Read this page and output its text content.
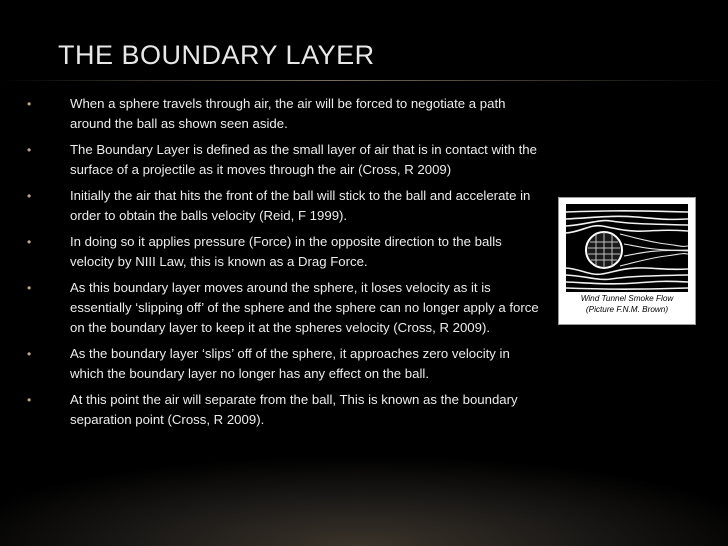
THE BOUNDARY LAYER
•	When a sphere travels through air, the air will be forced to negotiate a path around the ball as shown seen aside.
•	The Boundary Layer is defined as the small layer of air that is in contact with the surface of a projectile as it moves through the air (Cross, R 2009)
•	Initially the air that hits the front of the ball will stick to the ball and accelerate in order to obtain the balls velocity (Reid, F 1999).
•	In doing so it applies pressure (Force) in the opposite direction to the balls velocity by NIII Law, this is known as a Drag Force.
•	As this boundary layer moves around the sphere, it loses velocity as it is essentially ‘slipping off’ of the sphere and the sphere can no longer apply a force on the boundary layer to keep it at the spheres velocity (Cross, R 2009).
•	As the boundary layer ‘slips’ off of the sphere, it approaches zero velocity in which the boundary layer no longer has any effect on the ball.
•	At this point the air will separate from the ball, This is known as the boundary separation point (Cross, R 2009).
Wind Tunnel Smoke Flow
(Picture F.N.M. Brown)
